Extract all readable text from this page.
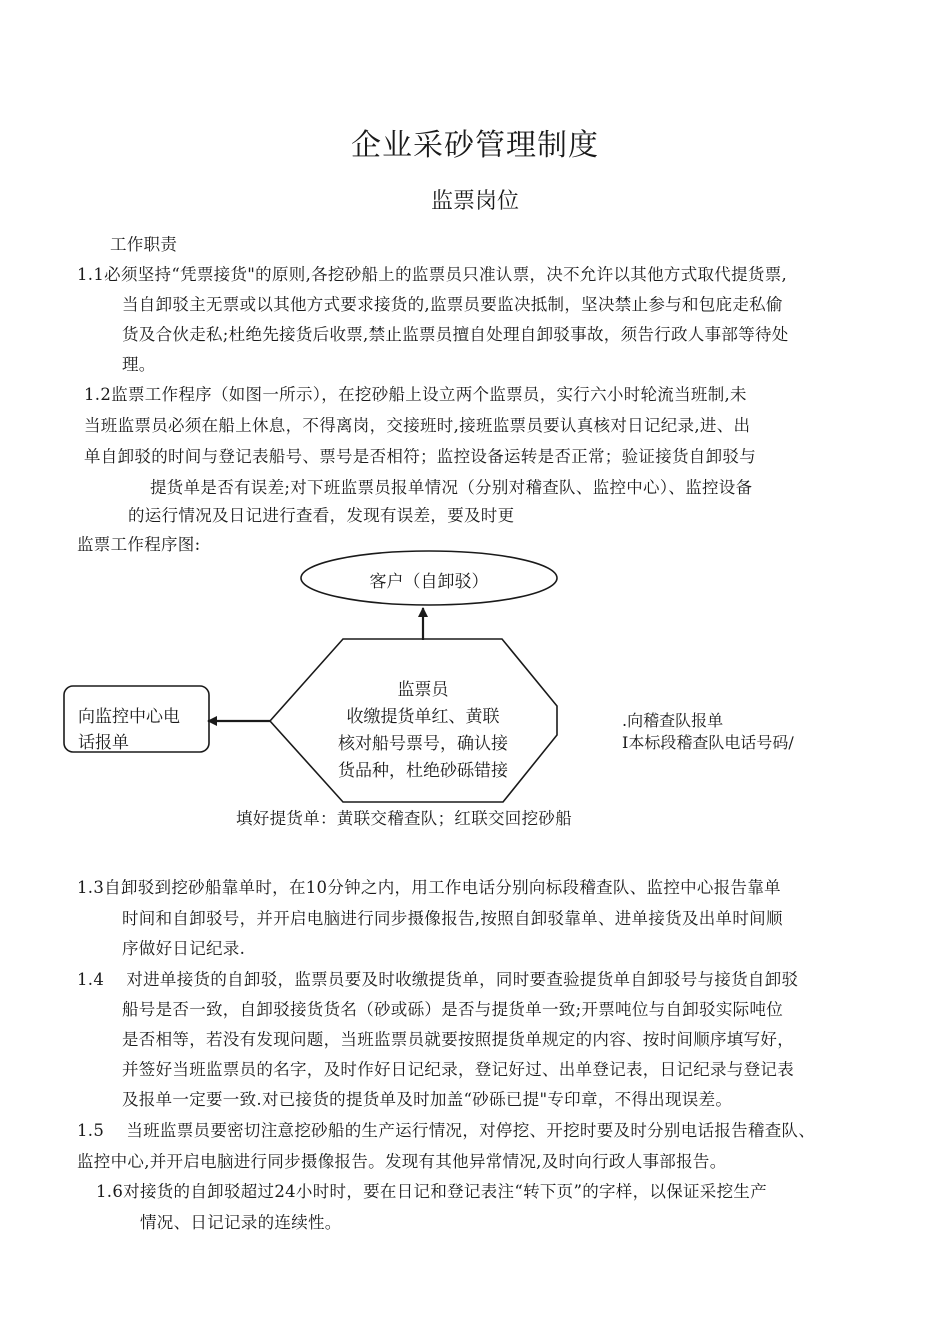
企业采砂管理制度
监票岗位
工作职责
1.1必须坚持“凭票接货"的原则,各挖砂船上的监票员只准认票，决不允许以其他方式取代提货票,
当自卸驳主无票或以其他方式要求接货的,监票员要监决抵制，坚决禁止参与和包庇走私偷
货及合伙走私;杜绝先接货后收票,禁止监票员擅自处理自卸驳事故，须告行政人事部等待处
理。
1.2监票工作程序（如图一所示），在挖砂船上设立两个监票员，实行六小时轮流当班制,未
当班监票员必须在船上休息，不得离岗，交接班时,接班监票员要认真核对日记纪录,进、出
单自卸驳的时间与登记表船号、票号是否相符；监控设备运转是否正常；验证接货自卸驳与
提货单是否有误差;对下班监票员报单情况（分别对稽查队、监控中心）、监控设备
的运行情况及日记进行查看，发现有误差，要及时更
监票工作程序图:
客户（自卸驳）
监票员
收缴提货单红、黄联
核对船号票号，确认接
货品种，杜绝砂砾错接
向监控中心电
话报单
.向稽查队报单
I本标段稽查队电话号码∕
填好提货单：黄联交稽查队；红联交回挖砂船
1.3自卸驳到挖砂船靠单时，在10分钟之内，用工作电话分别向标段稽查队、监控中心报告靠单
时间和自卸驳号，并开启电脑进行同步摄像报告,按照自卸驳靠单、进单接货及出单时间顺
序做好日记纪录.
1.4    对进单接货的自卸驳，监票员要及时收缴提货单，同时要查验提货单自卸驳号与接货自卸驳
船号是否一致，自卸驳接货货名（砂或砾）是否与提货单一致;开票吨位与自卸驳实际吨位
是否相等，若没有发现问题，当班监票员就要按照提货单规定的内容、按时间顺序填写好，
并签好当班监票员的名字，及时作好日记纪录，登记好过、出单登记表，日记纪录与登记表
及报单一定要一致.对已接货的提货单及时加盖“砂砾已提"专印章，不得出现误差。
1.5    当班监票员要密切注意挖砂船的生产运行情况，对停挖、开挖时要及时分别电话报告稽查队、
监控中心,并开启电脑进行同步摄像报告。发现有其他异常情况,及时向行政人事部报告。
1.6对接货的自卸驳超过24小时时，要在日记和登记表注“转下页”的字样，以保证采挖生产
情况、日记记录的连续性。
